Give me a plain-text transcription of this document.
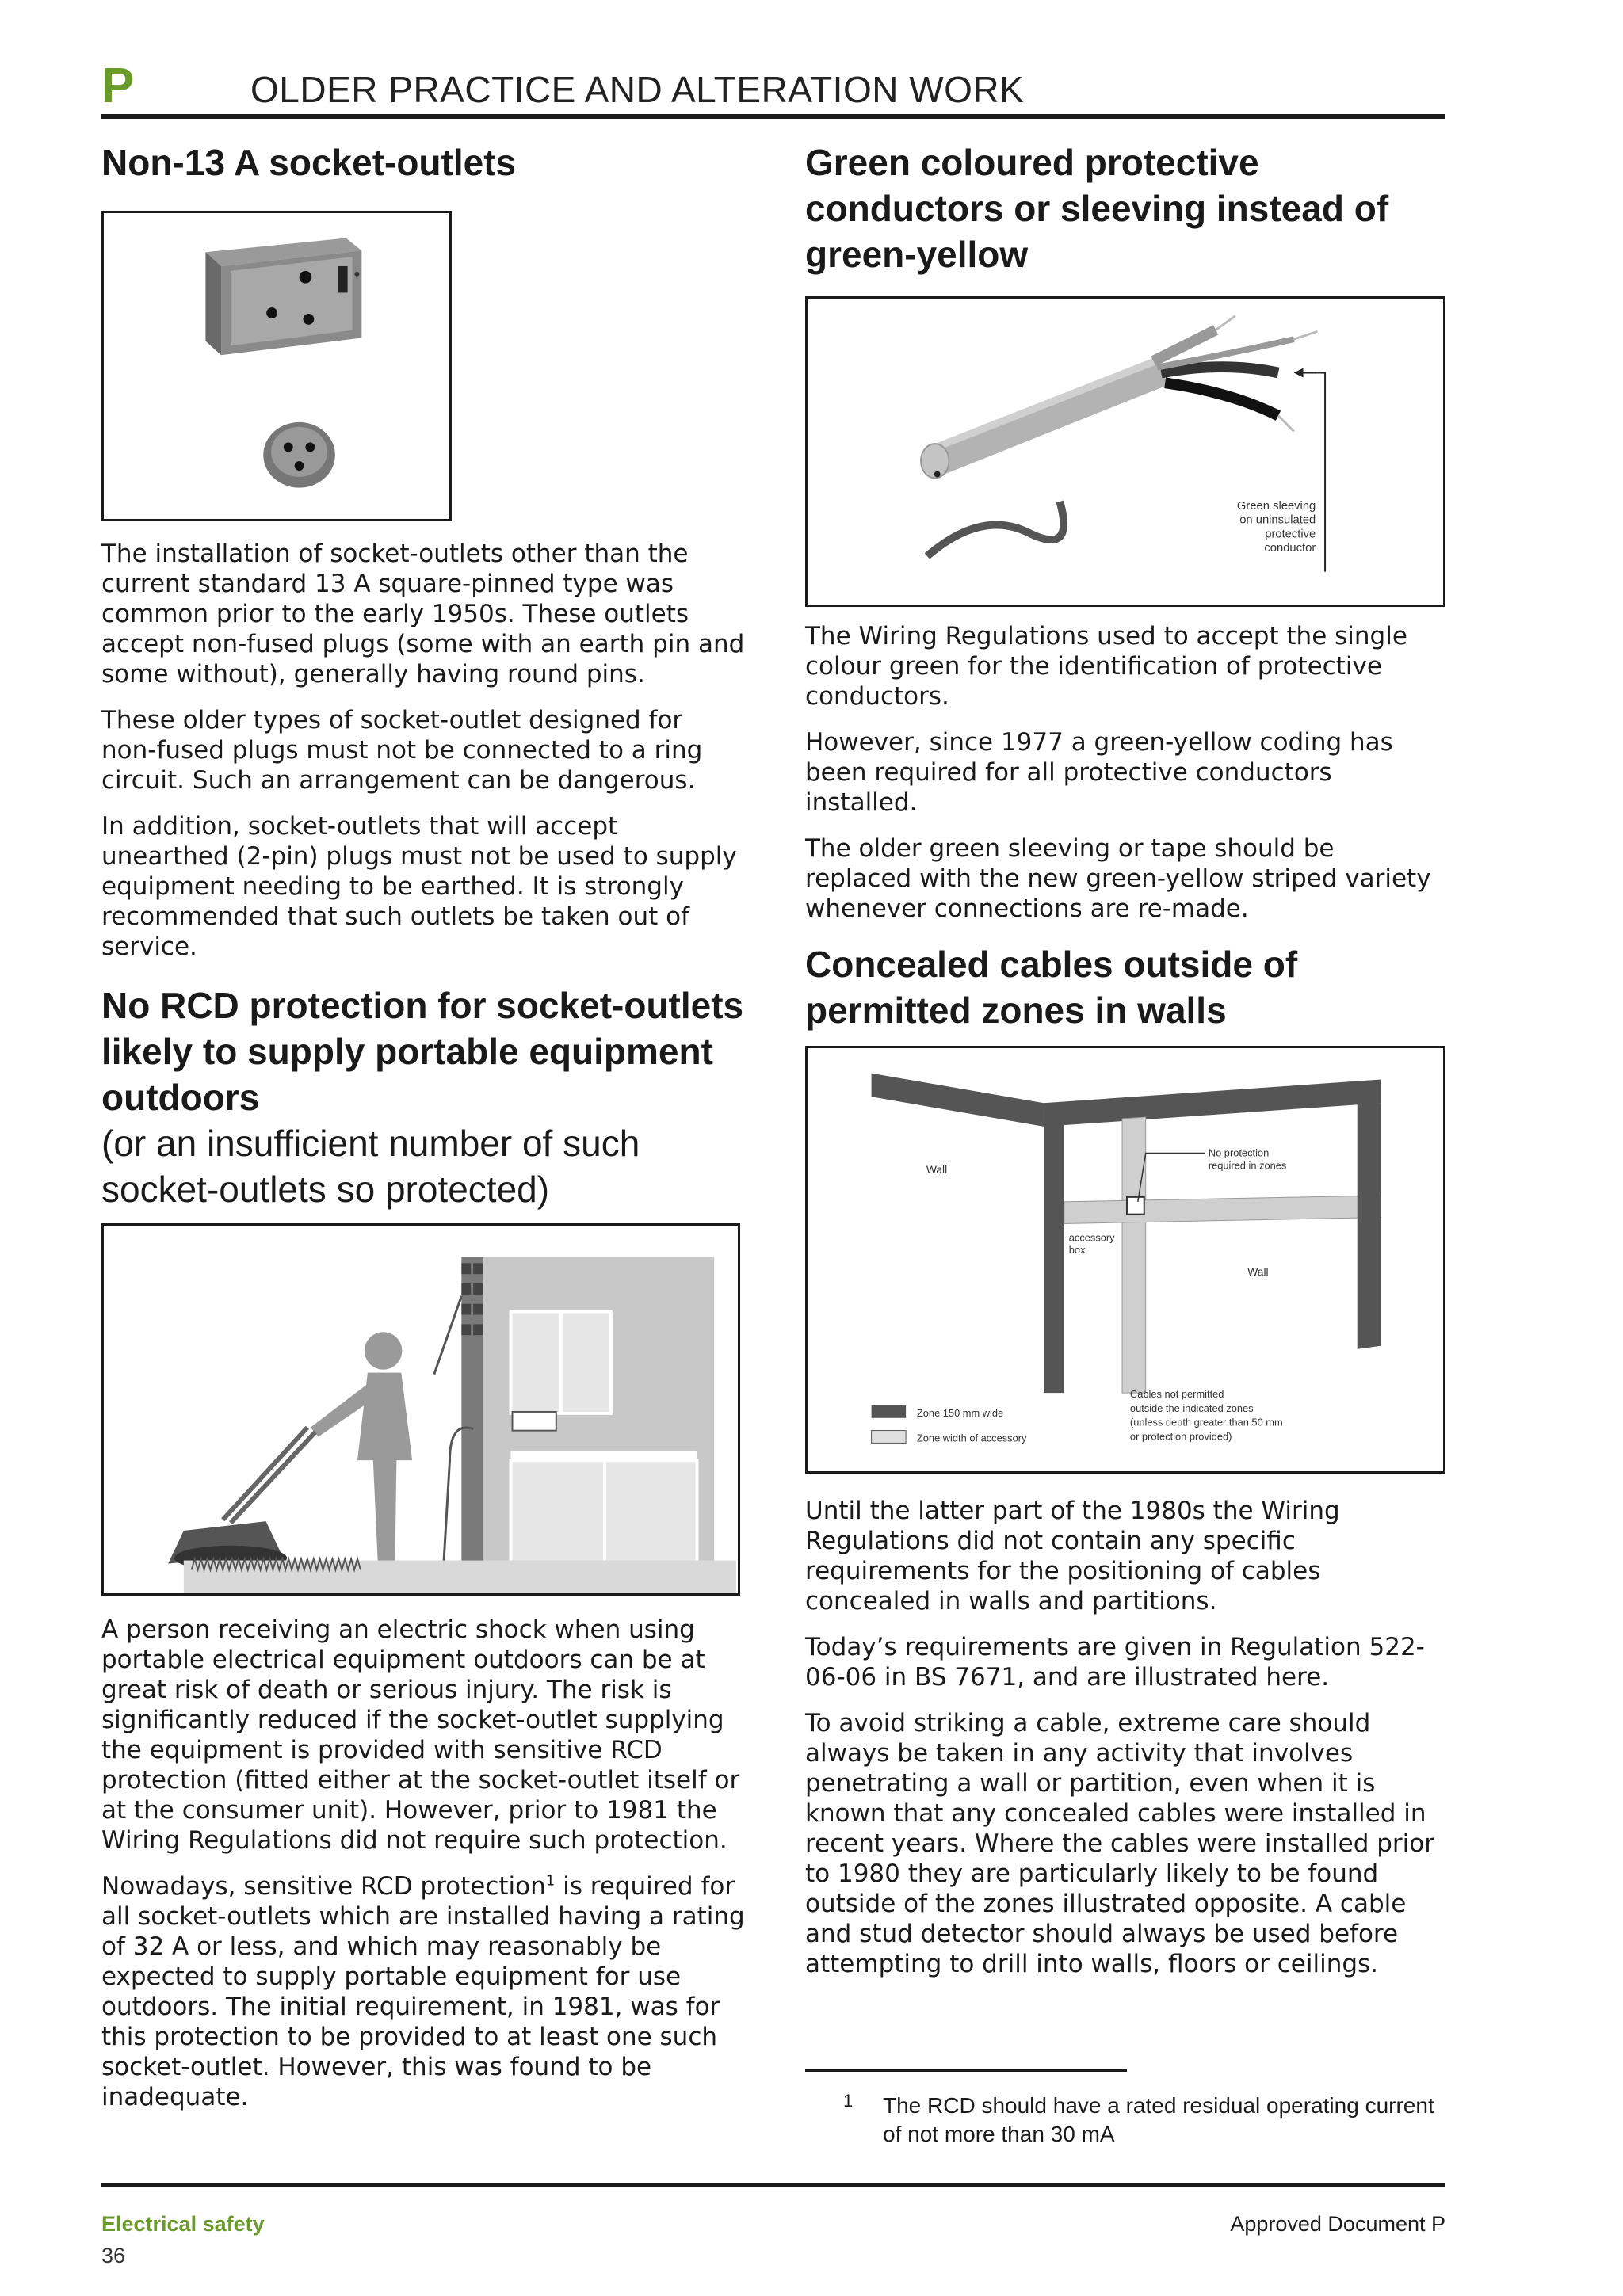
P	OLDER PRACTICE AND ALTERATION WORK
Non-13 A socket-outlets

The installation of socket-outlets other than the current standard 13 A square-pinned type was common prior to the early 1950s. These outlets accept non-fused plugs (some with an earth pin and some without), generally having round pins.

These older types of socket-outlet designed for non-fused plugs must not be connected to a ring circuit. Such an arrangement can be dangerous.

In addition, socket-outlets that will accept unearthed (2-pin) plugs must not be used to supply equipment needing to be earthed. It is strongly recommended that such outlets be taken out of service.

No RCD protection for socket-outlets likely to supply portable equipment outdoors
(or an insufficient number of such socket-outlets so protected)

A person receiving an electric shock when using portable electrical equipment outdoors can be at great risk of death or serious injury. The risk is significantly reduced if the socket-outlet supplying the equipment is provided with sensitive RCD protection (fitted either at the socket-outlet itself or at the consumer unit). However, prior to 1981 the Wiring Regulations did not require such protection.

Nowadays, sensitive RCD protection$^1$ is required for all socket-outlets which are installed having a rating of 32 A or less, and which may reasonably be expected to supply portable equipment for use outdoors. The initial requirement, in 1981, was for this protection to be provided to at least one such socket-outlet. However, this was found to be inadequate.

Green coloured protective conductors or sleeving instead of green-yellow
Green sleeving
on uninsulated
protective
conductor

The Wiring Regulations used to accept the single colour green for the identification of protective conductors.

However, since 1977 a green-yellow coding has been required for all protective conductors installed.

The older green sleeving or tape should be replaced with the new green-yellow striped variety whenever connections are re-made.

Concealed cables outside of permitted zones in walls
Wall
Wall
No protection
required in zones
accessory
box
Zone 150 mm wide
Zone width of accessory
Cables not permitted
outside the indicated zones
(unless depth greater than 50 mm
or protection provided)

Until the latter part of the 1980s the Wiring Regulations did not contain any specific requirements for the positioning of cables concealed in walls and partitions.

Today’s requirements are given in Regulation 522-06-06 in BS 7671, and are illustrated here.

To avoid striking a cable, extreme care should always be taken in any activity that involves penetrating a wall or partition, even when it is known that any concealed cables were installed in recent years. Where the cables were installed prior to 1980 they are particularly likely to be found outside of the zones illustrated opposite. A cable and stud detector should always be used before attempting to drill into walls, floors or ceilings.

1 The RCD should have a rated residual operating current of not more than 30 mA
Electrical safety
36
Approved Document P
